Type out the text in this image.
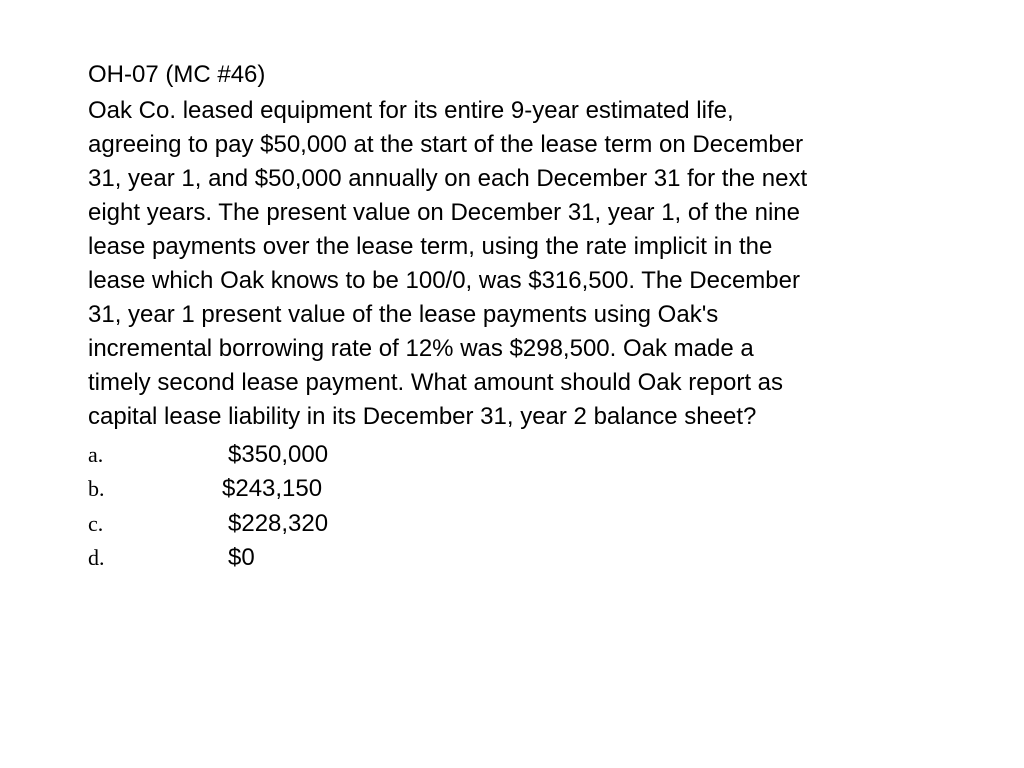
OH-07 (MC #46)
Oak Co. leased equipment for its entire 9-year estimated life,
agreeing to pay $50,000 at the start of the lease term on December
31, year 1, and $50,000 annually on each December 31 for the next
eight years. The present value on December 31, year 1, of the nine
lease payments over the lease term, using the rate implicit in the
lease which Oak knows to be 100/0, was $316,500. The December
31, year 1 present value of the lease payments using Oak's
incremental borrowing rate of 12% was $298,500. Oak made a
timely second lease payment. What amount should Oak report as
capital lease liability in its December 31, year 2 balance sheet?
a.	$350,000
b.	$243,150
c.	$228,320
d.	$0
